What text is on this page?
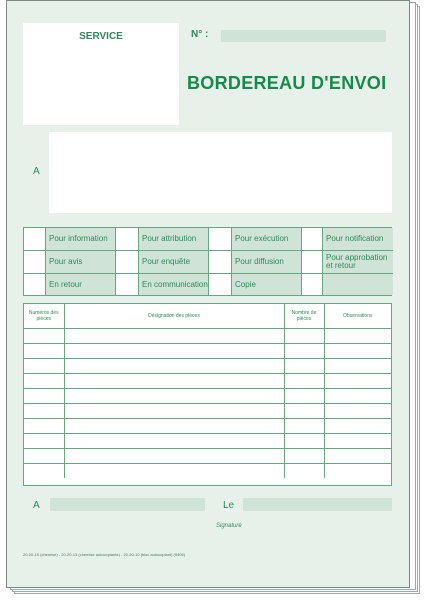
SERVICE	N° :
BORDEREAU D'ENVOI
A
Pour information	Pour attribution	Pour exécution	Pour notification
Pour avis	Pour enquête	Pour diffusion	Pour approbation et retour
En retour	En communication	Copie
Numéros des pièces	Désignation des pièces	Nombre de pièces	Observations

A	Le
Signature
20-20-15 (chemise) - 20-20-13 (chemise autocopiante) - 20-20-10 (bloc autocopiant) (9406)
